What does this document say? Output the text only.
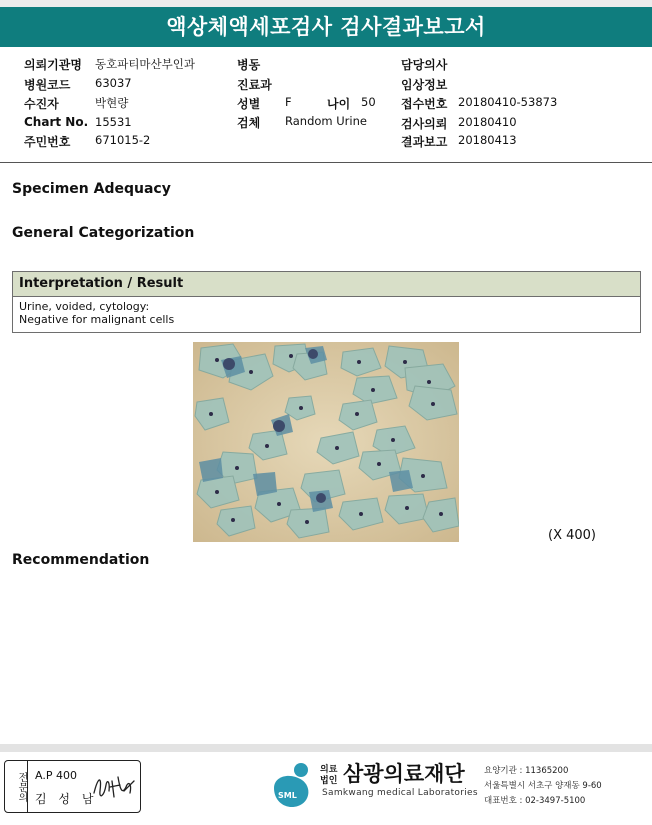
액상체액세포검사 검사결과보고서
의뢰기관명 동호파티마산부인과
병원코드 63037
수진자	박현량
Chart No. 15531
주민번호 671015-2
병동
진료과
성별 F	나이 50
검체 Random Urine
담당의사
임상정보
접수번호 20180410-53873
검사의뢰 20180410
결과보고 20180413
Specimen Adequacy
General Categorization
Interpretation / Result
Urine, voided, cytology:
Negative for malignant cells
(X 400)
Recommendation
전문의 A.P 400
김 성 남	SML
의료
법인 삼광의료재단
Samkwang medical Laboratories
요양기관 : 11365200
서울특별시 서초구 양재동 9-60
대표번호 : 02-3497-5100
